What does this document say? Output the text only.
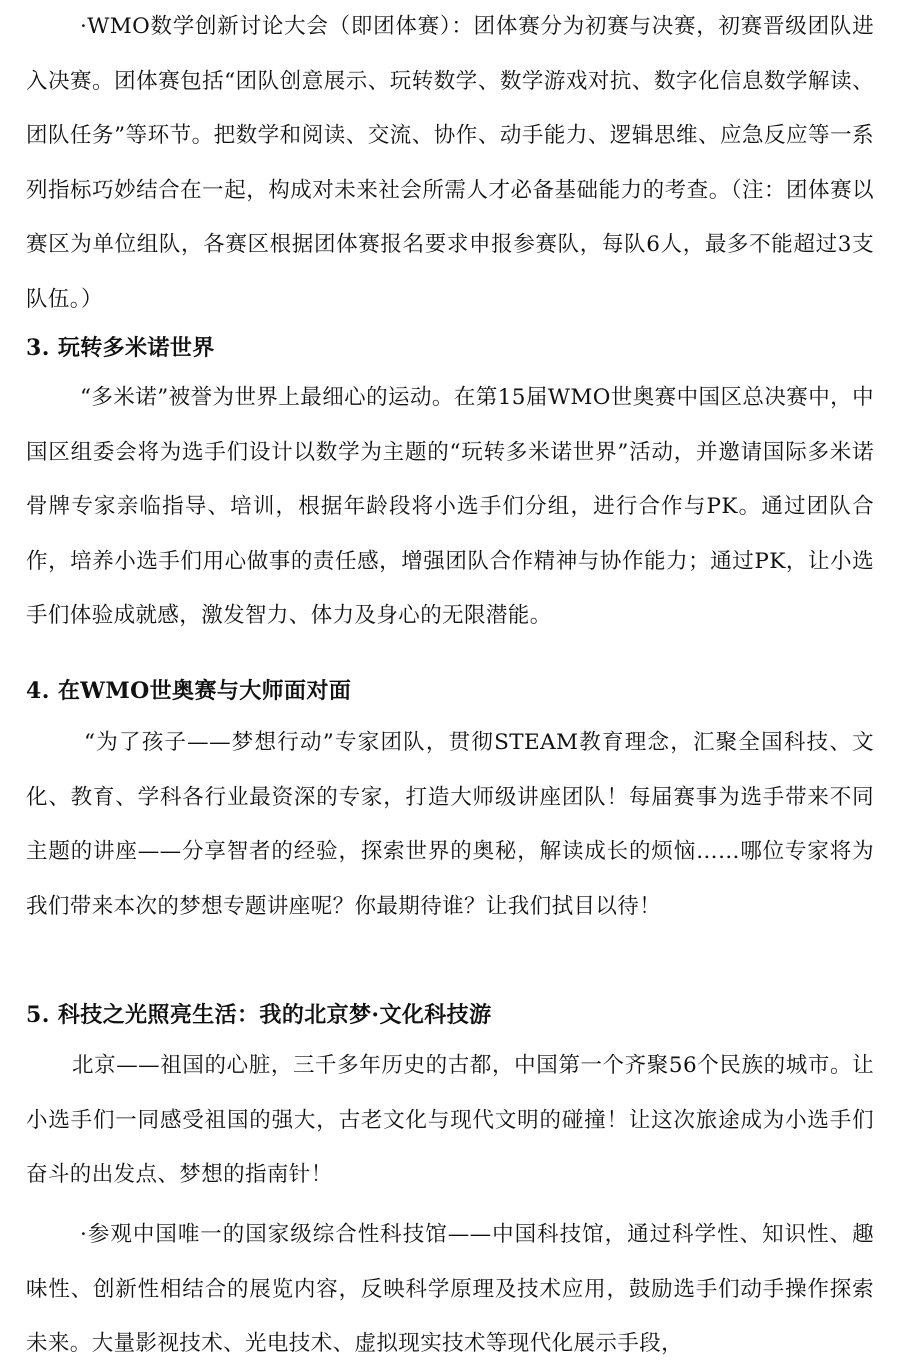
·WMO数学创新讨论大会（即团体赛）：团体赛分为初赛与决赛，初赛晋级团队进入决赛。团体赛包括“团队创意展示、玩转数学、数学游戏对抗、数字化信息数学解读、团队任务”等环节。把数学和阅读、交流、协作、动手能力、逻辑思维、应急反应等一系列指标巧妙结合在一起，构成对未来社会所需人才必备基础能力的考查。（注：团体赛以赛区为单位组队，各赛区根据团体赛报名要求申报参赛队，每队6人，最多不能超过3支队伍。）

3. 玩转多米诺世界

“多米诺”被誉为世界上最细心的运动。在第15届WMO世奥赛中国区总决赛中，中国区组委会将为选手们设计以数学为主题的“玩转多米诺世界”活动，并邀请国际多米诺骨牌专家亲临指导、培训，根据年龄段将小选手们分组，进行合作与PK。通过团队合作，培养小选手们用心做事的责任感，增强团队合作精神与协作能力；通过PK，让小选手们体验成就感，激发智力、体力及身心的无限潜能。

4. 在WMO世奥赛与大师面对面

“为了孩子——梦想行动”专家团队，贯彻STEAM教育理念，汇聚全国科技、文化、教育、学科各行业最资深的专家，打造大师级讲座团队！每届赛事为选手带来不同主题的讲座——分享智者的经验，探索世界的奥秘，解读成长的烦恼……哪位专家将为我们带来本次的梦想专题讲座呢？你最期待谁？让我们拭目以待！

5. 科技之光照亮生活：我的北京梦·文化科技游

北京——祖国的心脏，三千多年历史的古都，中国第一个齐聚56个民族的城市。让小选手们一同感受祖国的强大，古老文化与现代文明的碰撞！让这次旅途成为小选手们奋斗的出发点、梦想的指南针！

·参观中国唯一的国家级综合性科技馆——中国科技馆，通过科学性、知识性、趣味性、创新性相结合的展览内容，反映科学原理及技术应用，鼓励选手们动手操作探索未来。大量影视技术、光电技术、虚拟现实技术等现代化展示手段，
